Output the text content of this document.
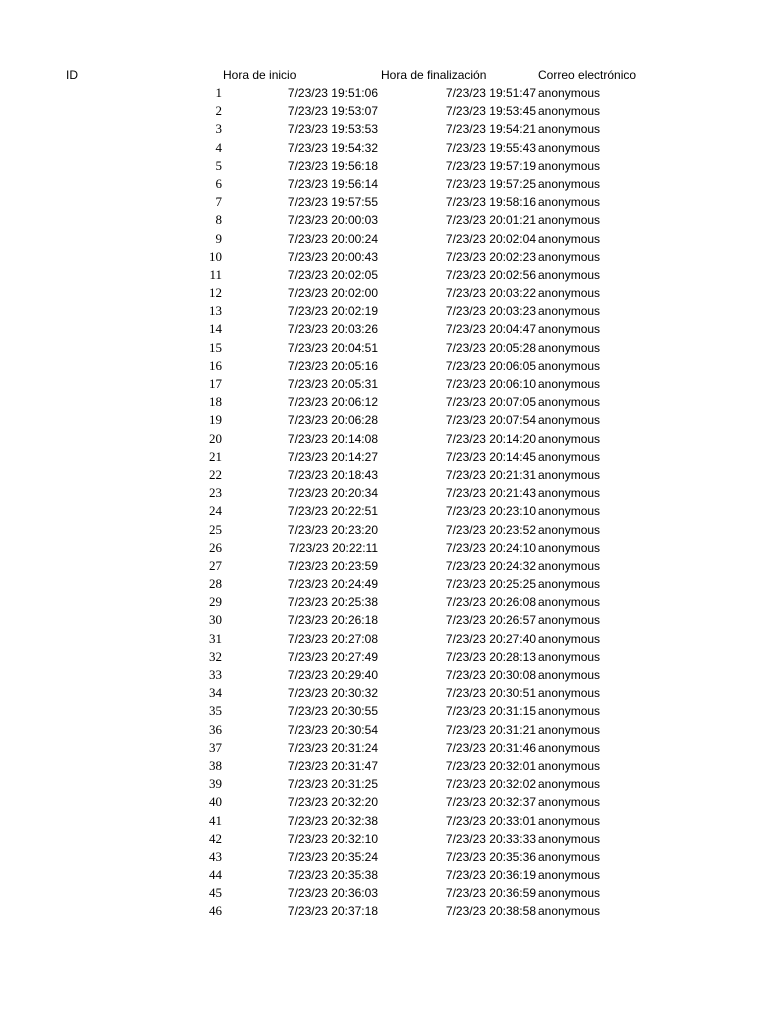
ID	Hora de inicio	Hora de finalización	Correo electrónico
1	7/23/23 19:51:06	7/23/23 19:51:47 anonymous
2	7/23/23 19:53:07	7/23/23 19:53:45 anonymous
3	7/23/23 19:53:53	7/23/23 19:54:21 anonymous
4	7/23/23 19:54:32	7/23/23 19:55:43 anonymous
5	7/23/23 19:56:18	7/23/23 19:57:19 anonymous
6	7/23/23 19:56:14	7/23/23 19:57:25 anonymous
7	7/23/23 19:57:55	7/23/23 19:58:16 anonymous
8	7/23/23 20:00:03	7/23/23 20:01:21 anonymous
9	7/23/23 20:00:24	7/23/23 20:02:04 anonymous
10	7/23/23 20:00:43	7/23/23 20:02:23 anonymous
11	7/23/23 20:02:05	7/23/23 20:02:56 anonymous
12	7/23/23 20:02:00	7/23/23 20:03:22 anonymous
13	7/23/23 20:02:19	7/23/23 20:03:23 anonymous
14	7/23/23 20:03:26	7/23/23 20:04:47 anonymous
15	7/23/23 20:04:51	7/23/23 20:05:28 anonymous
16	7/23/23 20:05:16	7/23/23 20:06:05 anonymous
17	7/23/23 20:05:31	7/23/23 20:06:10 anonymous
18	7/23/23 20:06:12	7/23/23 20:07:05 anonymous
19	7/23/23 20:06:28	7/23/23 20:07:54 anonymous
20	7/23/23 20:14:08	7/23/23 20:14:20 anonymous
21	7/23/23 20:14:27	7/23/23 20:14:45 anonymous
22	7/23/23 20:18:43	7/23/23 20:21:31 anonymous
23	7/23/23 20:20:34	7/23/23 20:21:43 anonymous
24	7/23/23 20:22:51	7/23/23 20:23:10 anonymous
25	7/23/23 20:23:20	7/23/23 20:23:52 anonymous
26	7/23/23 20:22:11	7/23/23 20:24:10 anonymous
27	7/23/23 20:23:59	7/23/23 20:24:32 anonymous
28	7/23/23 20:24:49	7/23/23 20:25:25 anonymous
29	7/23/23 20:25:38	7/23/23 20:26:08 anonymous
30	7/23/23 20:26:18	7/23/23 20:26:57 anonymous
31	7/23/23 20:27:08	7/23/23 20:27:40 anonymous
32	7/23/23 20:27:49	7/23/23 20:28:13 anonymous
33	7/23/23 20:29:40	7/23/23 20:30:08 anonymous
34	7/23/23 20:30:32	7/23/23 20:30:51 anonymous
35	7/23/23 20:30:55	7/23/23 20:31:15 anonymous
36	7/23/23 20:30:54	7/23/23 20:31:21 anonymous
37	7/23/23 20:31:24	7/23/23 20:31:46 anonymous
38	7/23/23 20:31:47	7/23/23 20:32:01 anonymous
39	7/23/23 20:31:25	7/23/23 20:32:02 anonymous
40	7/23/23 20:32:20	7/23/23 20:32:37 anonymous
41	7/23/23 20:32:38	7/23/23 20:33:01 anonymous
42	7/23/23 20:32:10	7/23/23 20:33:33 anonymous
43	7/23/23 20:35:24	7/23/23 20:35:36 anonymous
44	7/23/23 20:35:38	7/23/23 20:36:19 anonymous
45	7/23/23 20:36:03	7/23/23 20:36:59 anonymous
46	7/23/23 20:37:18	7/23/23 20:38:58 anonymous
